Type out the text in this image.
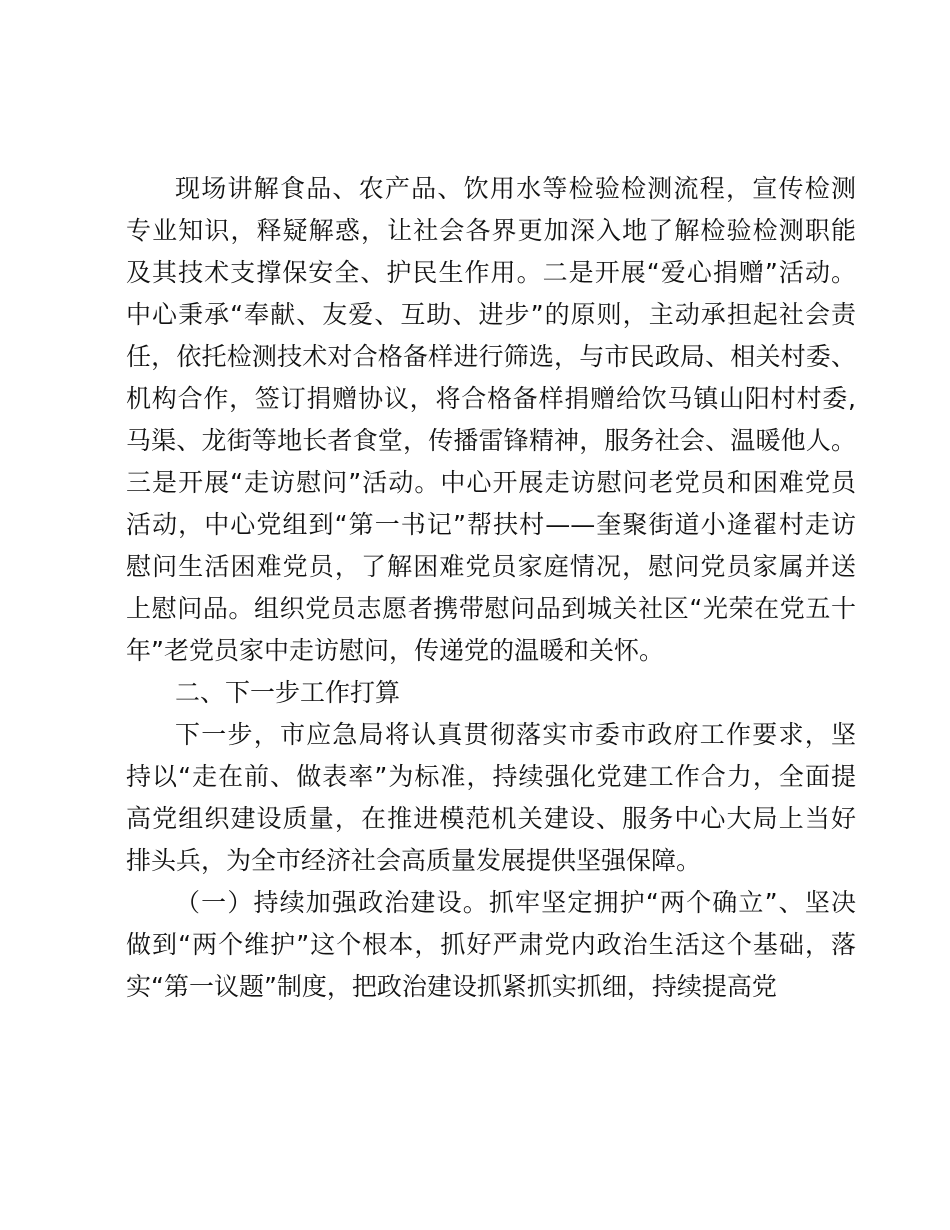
现场讲解食品、农产品、饮用水等检验检测流程，宣传检测
专业知识，释疑解惑，让社会各界更加深入地了解检验检测职能
及其技术支撑保安全、护民生作用。二是开展“爱心捐赠”活动。
中心秉承“奉献、友爱、互助、进步”的原则，主动承担起社会责
任，依托检测技术对合格备样进行筛选，与市民政局、相关村委、
机构合作，签订捐赠协议，将合格备样捐赠给饮马镇山阳村村委,
马渠、龙街等地长者食堂，传播雷锋精神，服务社会、温暖他人。
三是开展“走访慰问”活动。中心开展走访慰问老党员和困难党员
活动，中心党组到“第一书记”帮扶村——奎聚街道小逄翟村走访
慰问生活困难党员，了解困难党员家庭情况，慰问党员家属并送
上慰问品。组织党员志愿者携带慰问品到城关社区“光荣在党五十
年”老党员家中走访慰问，传递党的温暖和关怀。
二、下一步工作打算
下一步，市应急局将认真贯彻落实市委市政府工作要求，坚
持以“走在前、做表率”为标准，持续强化党建工作合力，全面提
高党组织建设质量，在推进模范机关建设、服务中心大局上当好
排头兵，为全市经济社会高质量发展提供坚强保障。
（一）持续加强政治建设。抓牢坚定拥护“两个确立”、坚决
做到“两个维护”这个根本，抓好严肃党内政治生活这个基础，落
实“第一议题”制度，把政治建设抓紧抓实抓细，持续提高党
